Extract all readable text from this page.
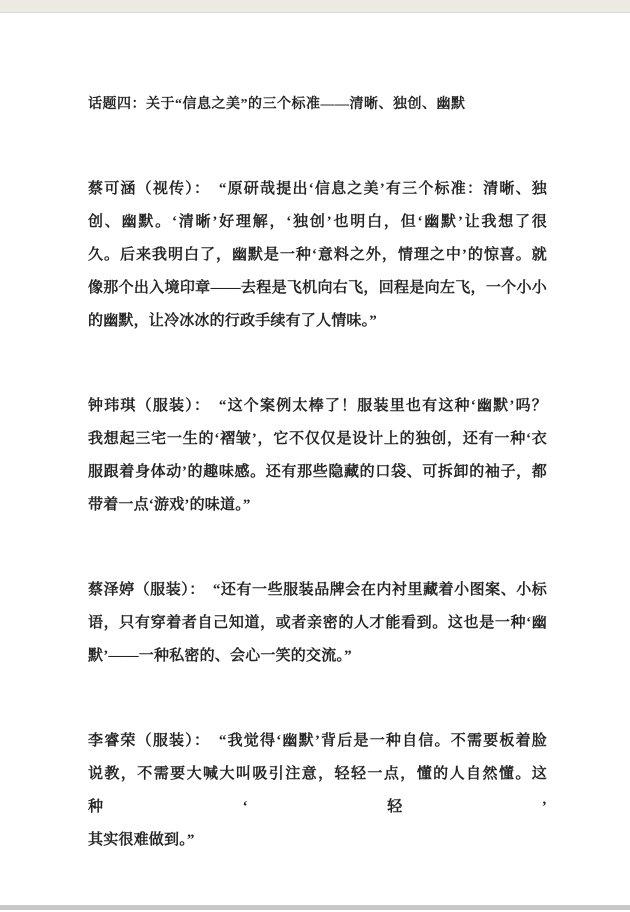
话题四：关于“信息之美”的三个标准——清晰、独创、幽默
蔡可涵（视传）：　“原研哉提出‘信息之美’有三个标准：清晰、独
创、幽默。‘清晰’好理解，‘独创’也明白，但‘幽默’让我想了很
久。后来我明白了，幽默是一种‘意料之外，情理之中’的惊喜。就
像那个出入境印章——去程是飞机向右飞，回程是向左飞，一个小小
的幽默，让冷冰冰的行政手续有了人情味。”
钟玮琪（服装）：　“这个案例太棒了！服装里也有这种‘幽默’吗？
我想起三宅一生的‘褶皱’，它不仅仅是设计上的独创，还有一种‘衣
服跟着身体动’的趣味感。还有那些隐藏的口袋、可拆卸的袖子，都
带着一点‘游戏’的味道。”
蔡泽婷（服装）：　“还有一些服装品牌会在内衬里藏着小图案、小标
语，只有穿着者自己知道，或者亲密的人才能看到。这也是一种‘幽
默’——一种私密的、会心一笑的交流。”
李睿荣（服装）：　“我觉得‘幽默’背后是一种自信。不需要板着脸
说教，不需要大喊大叫吸引注意，轻轻一点，懂的人自然懂。这种‘轻’
其实很难做到。”
